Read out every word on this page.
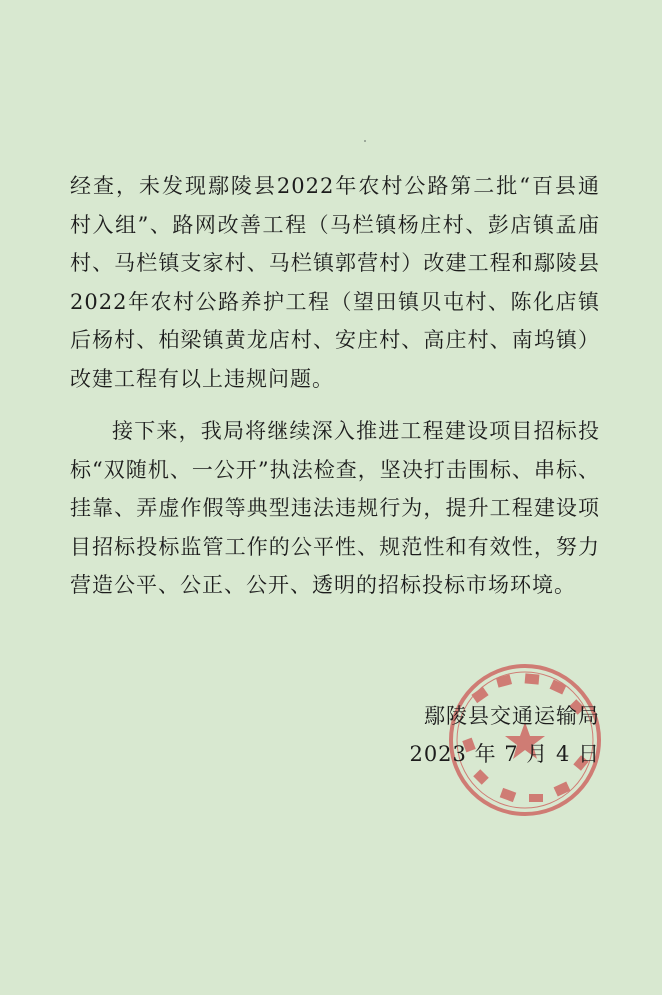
经查，未发现鄢陵县2022年农村公路第二批“百县通村入组”、路网改善工程（马栏镇杨庄村、彭店镇孟庙村、马栏镇支家村、马栏镇郭营村）改建工程和鄢陵县2022年农村公路养护工程（望田镇贝屯村、陈化店镇后杨村、柏梁镇黄龙店村、安庄村、高庄村、南坞镇）改建工程有以上违规问题。

接下来，我局将继续深入推进工程建设项目招标投标“双随机、一公开”执法检查，坚决打击围标、串标、挂靠、弄虚作假等典型违法违规行为，提升工程建设项目招标投标监管工作的公平性、规范性和有效性，努力营造公平、公正、公开、透明的招标投标市场环境。

鄢陵县交通运输局
2023 年 7 月 4 日
